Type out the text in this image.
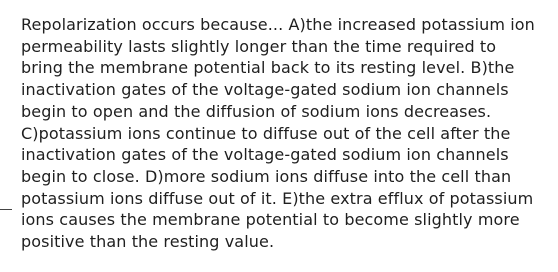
Repolarization occurs because... A)the increased potassium ion permeability lasts slightly longer than the time required to bring the membrane potential back to its resting level. B)the inactivation gates of the voltage-gated sodium ion channels begin to open and the diffusion of sodium ions decreases. C)potassium ions continue to diffuse out of the cell after the inactivation gates of the voltage-gated sodium ion channels begin to close. D)more sodium ions diffuse into the cell than potassium ions diffuse out of it. E)the extra efflux of potassium ions causes the membrane potential to become slightly more positive than the resting value.
